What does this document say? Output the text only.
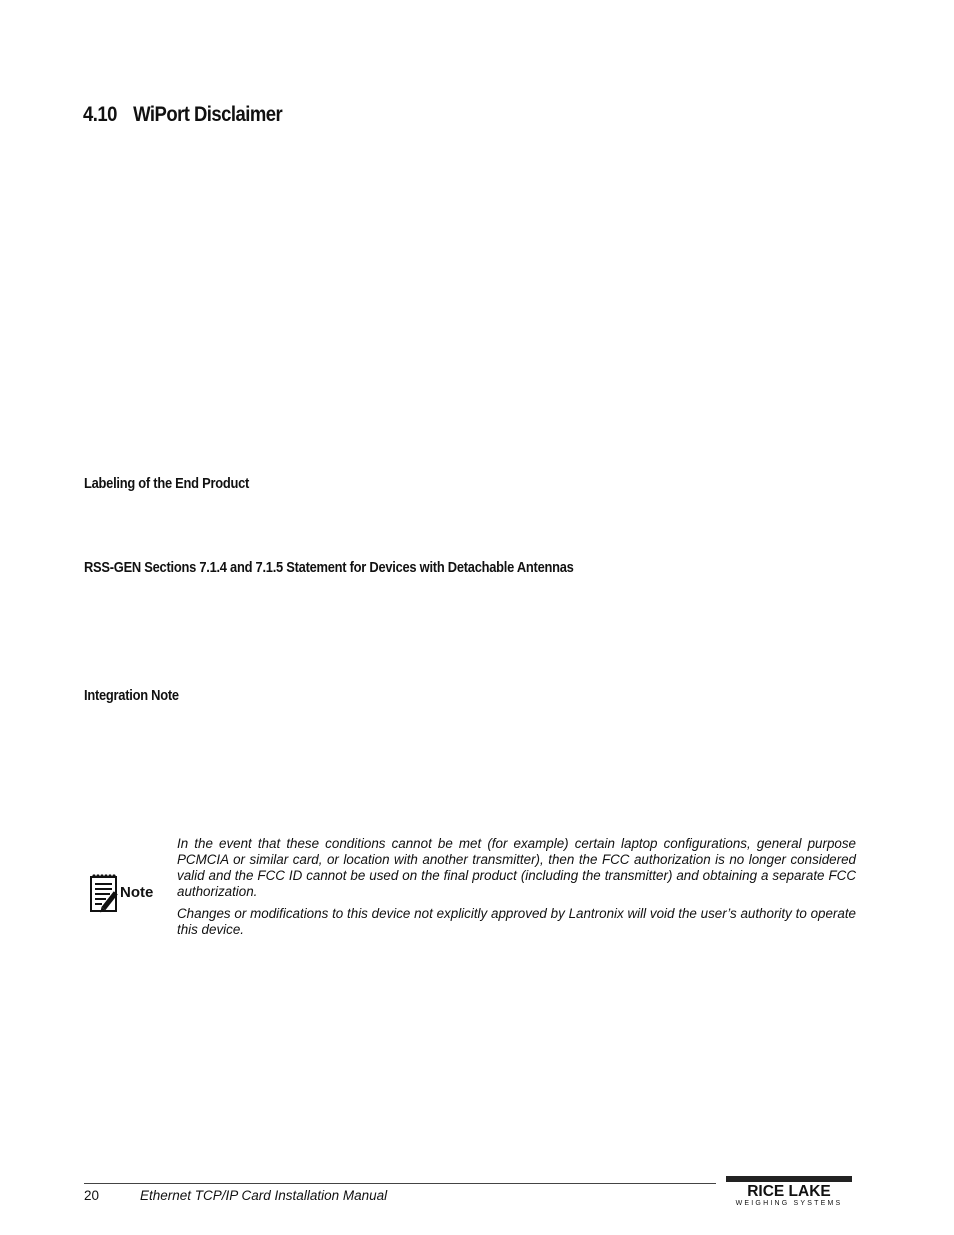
4.10 WiPort Disclaimer
Labeling of the End Product
RSS-GEN Sections 7.1.4 and 7.1.5 Statement for Devices with Detachable Antennas
Integration Note
Note
In the event that these conditions cannot be met (for example) certain laptop configurations, general purpose PCMCIA or similar card, or location with another transmitter), then the FCC authorization is no longer considered valid and the FCC ID cannot be used on the final product (including the transmitter) and obtaining a separate FCC authorization.
Changes or modifications to this device not explicitly approved by Lantronix will void the user’s authority to operate this device.
20	Ethernet TCP/IP Card Installation Manual	RICE LAKE
WEIGHING SYSTEMS
